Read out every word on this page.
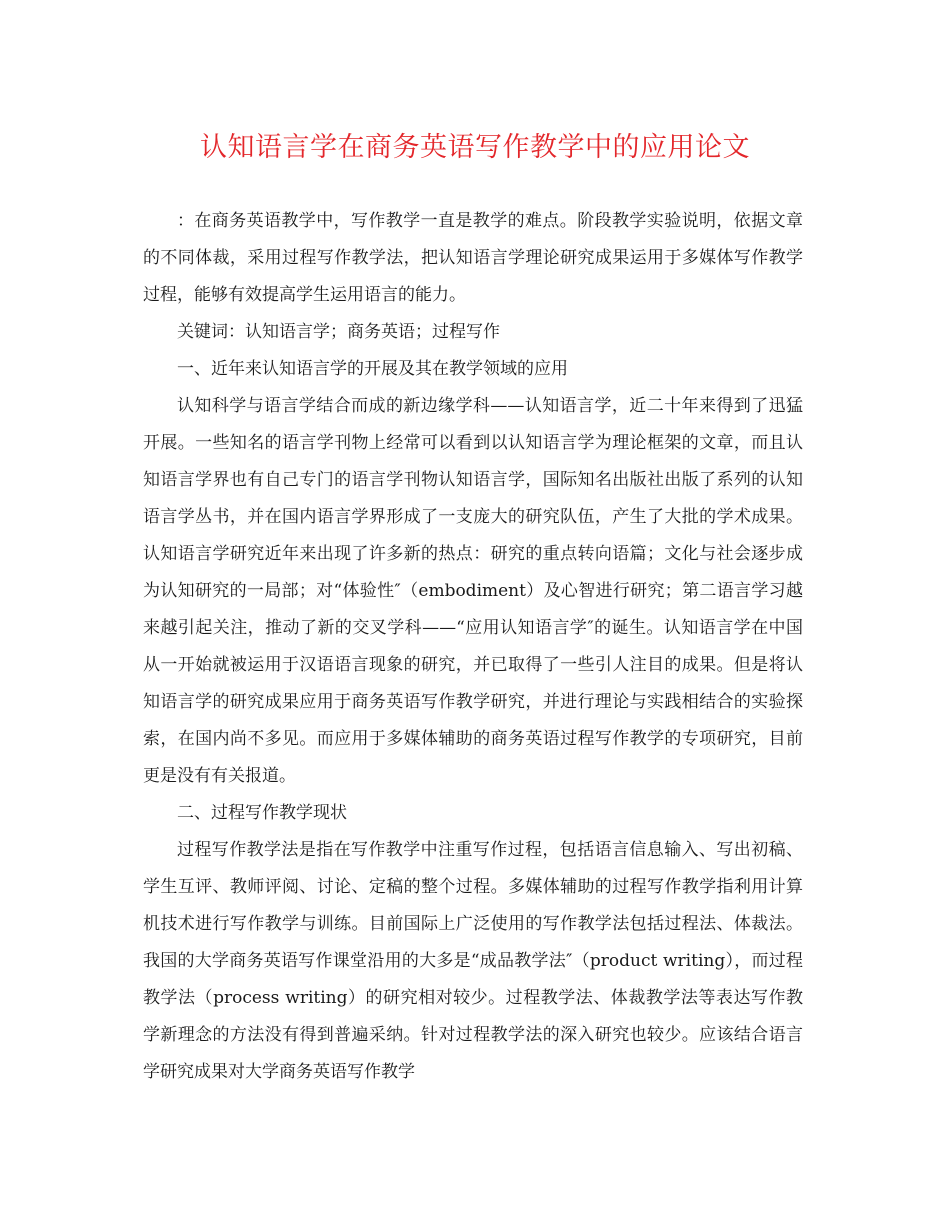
认知语言学在商务英语写作教学中的应用论文

：在商务英语教学中，写作教学一直是教学的难点。阶段教学实验说明，依据文章的不同体裁，采用过程写作教学法，把认知语言学理论研究成果运用于多媒体写作教学过程，能够有效提高学生运用语言的能力。

关键词：认知语言学；商务英语；过程写作

一、近年来认知语言学的开展及其在教学领域的应用

认知科学与语言学结合而成的新边缘学科——认知语言学，近二十年来得到了迅猛开展。一些知名的语言学刊物上经常可以看到以认知语言学为理论框架的文章，而且认知语言学界也有自己专门的语言学刊物认知语言学，国际知名出版社出版了系列的认知语言学丛书，并在国内语言学界形成了一支庞大的研究队伍，产生了大批的学术成果。认知语言学研究近年来出现了许多新的热点：研究的重点转向语篇；文化与社会逐步成为认知研究的一局部；对“体验性″（embodiment）及心智进行研究；第二语言学习越来越引起关注，推动了新的交叉学科——“应用认知语言学″的诞生。认知语言学在中国从一开始就被运用于汉语语言现象的研究，并已取得了一些引人注目的成果。但是将认知语言学的研究成果应用于商务英语写作教学研究，并进行理论与实践相结合的实验探索，在国内尚不多见。而应用于多媒体辅助的商务英语过程写作教学的专项研究，目前更是没有有关报道。

二、过程写作教学现状

过程写作教学法是指在写作教学中注重写作过程，包括语言信息输入、写出初稿、学生互评、教师评阅、讨论、定稿的整个过程。多媒体辅助的过程写作教学指利用计算机技术进行写作教学与训练。目前国际上广泛使用的写作教学法包括过程法、体裁法。我国的大学商务英语写作课堂沿用的大多是“成品教学法″（product writing），而过程教学法（process writing）的研究相对较少。过程教学法、体裁教学法等表达写作教学新理念的方法没有得到普遍采纳。针对过程教学法的深入研究也较少。应该结合语言学研究成果对大学商务英语写作教学
